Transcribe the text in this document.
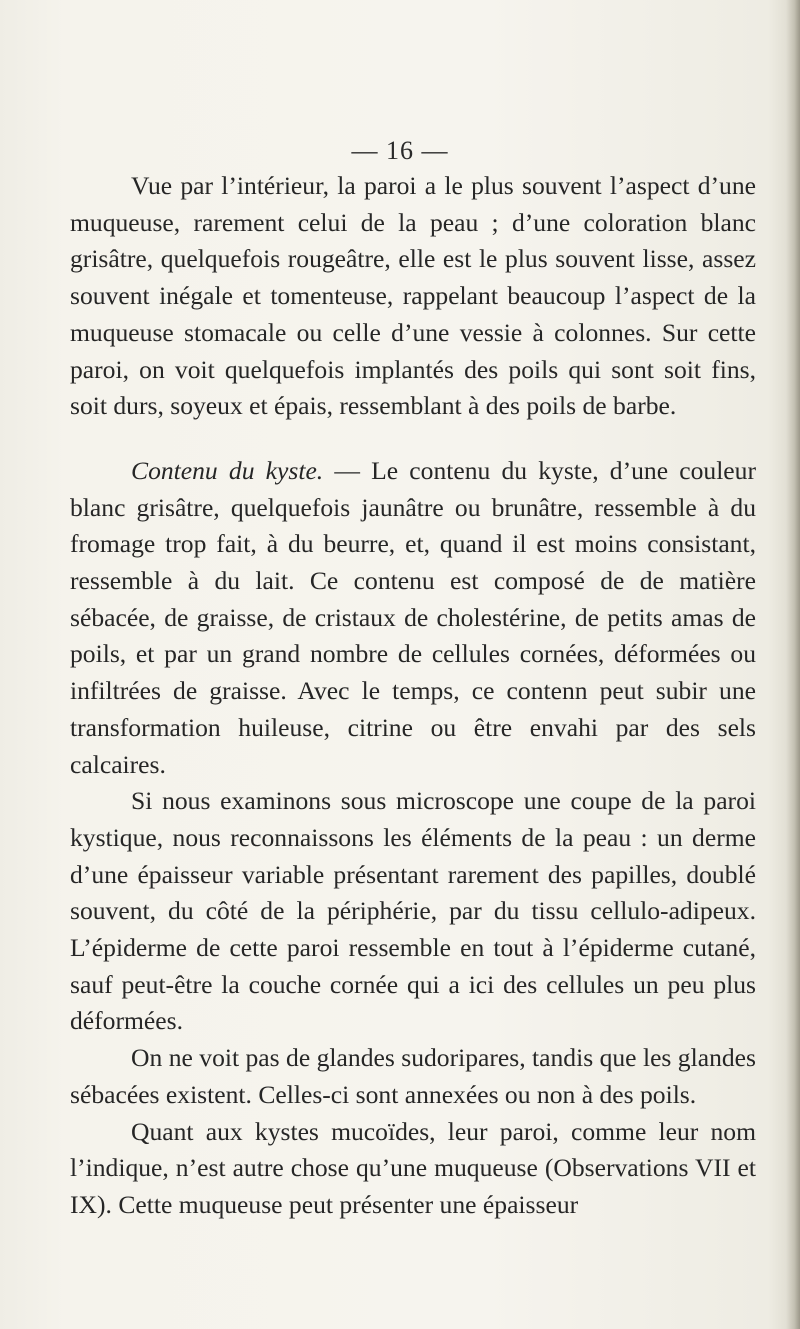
— 16 —

Vue par l’intérieur, la paroi a le plus souvent l’aspect d’une muqueuse, rarement celui de la peau ; d’une coloration blanc grisâtre, quelquefois rougeâtre, elle est le plus souvent lisse, assez souvent inégale et tomenteuse, rappelant beaucoup l’aspect de la muqueuse stomacale ou celle d’une vessie à colonnes. Sur cette paroi, on voit quelquefois implantés des poils qui sont soit fins, soit durs, soyeux et épais, ressemblant à des poils de barbe.

Contenu du kyste. — Le contenu du kyste, d’une couleur blanc grisâtre, quelquefois jaunâtre ou brunâtre, ressemble à du fromage trop fait, à du beurre, et, quand il est moins consistant, ressemble à du lait. Ce contenu est composé de de matière sébacée, de graisse, de cristaux de cholestérine, de petits amas de poils, et par un grand nombre de cellules cornées, déformées ou infiltrées de graisse. Avec le temps, ce contenn peut subir une transformation huileuse, citrine ou être envahi par des sels calcaires.

Si nous examinons sous microscope une coupe de la paroi kystique, nous reconnaissons les éléments de la peau : un derme d’une épaisseur variable présentant rarement des papilles, doublé souvent, du côté de la périphérie, par du tissu cellulo-adipeux. L’épiderme de cette paroi ressemble en tout à l’épiderme cutané, sauf peut-être la couche cornée qui a ici des cellules un peu plus déformées.

On ne voit pas de glandes sudoripares, tandis que les glandes sébacées existent. Celles-ci sont annexées ou non à des poils.

Quant aux kystes mucoïdes, leur paroi, comme leur nom l’indique, n’est autre chose qu’une muqueuse (Observations VII et IX). Cette muqueuse peut présenter une épaisseur
